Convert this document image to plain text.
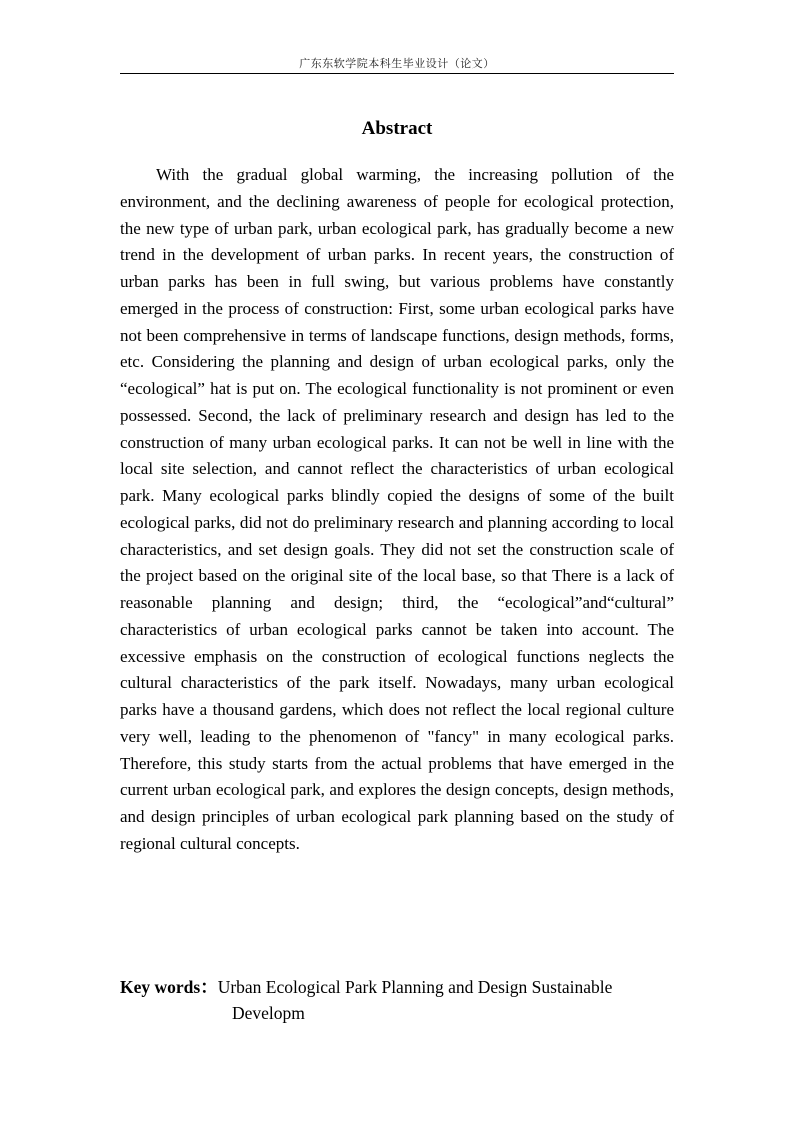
广东东软学院本科生毕业设计（论文）
Abstract

With the gradual global warming, the increasing pollution of the environment, and the declining awareness of people for ecological protection, the new type of urban park, urban ecological park, has gradually become a new trend in the development of urban parks. In recent years, the construction of urban parks has been in full swing, but various problems have constantly emerged in the process of construction: First, some urban ecological parks have not been comprehensive in terms of landscape functions, design methods, forms, etc. Considering the planning and design of urban ecological parks, only the “ecological” hat is put on. The ecological functionality is not prominent or even possessed. Second, the lack of preliminary research and design has led to the construction of many urban ecological parks. It can not be well in line with the local site selection, and cannot reflect the characteristics of urban ecological park. Many ecological parks blindly copied the designs of some of the built ecological parks, did not do preliminary research and planning according to local characteristics, and set design goals. They did not set the construction scale of the project based on the original site of the local base, so that There is a lack of reasonable planning and design; third, the “ecological”and“cultural” characteristics of urban ecological parks cannot be taken into account. The excessive emphasis on the construction of ecological functions neglects the cultural characteristics of the park itself. Nowadays, many urban ecological parks have a thousand gardens, which does not reflect the local regional culture very well, leading to the phenomenon of "fancy" in many ecological parks. Therefore, this study starts from the actual problems that have emerged in the current urban ecological park, and explores the design concepts, design methods, and design principles of urban ecological park planning based on the study of regional cultural concepts.

Key words：Urban Ecological Park Planning and Design Sustainable
Developm
